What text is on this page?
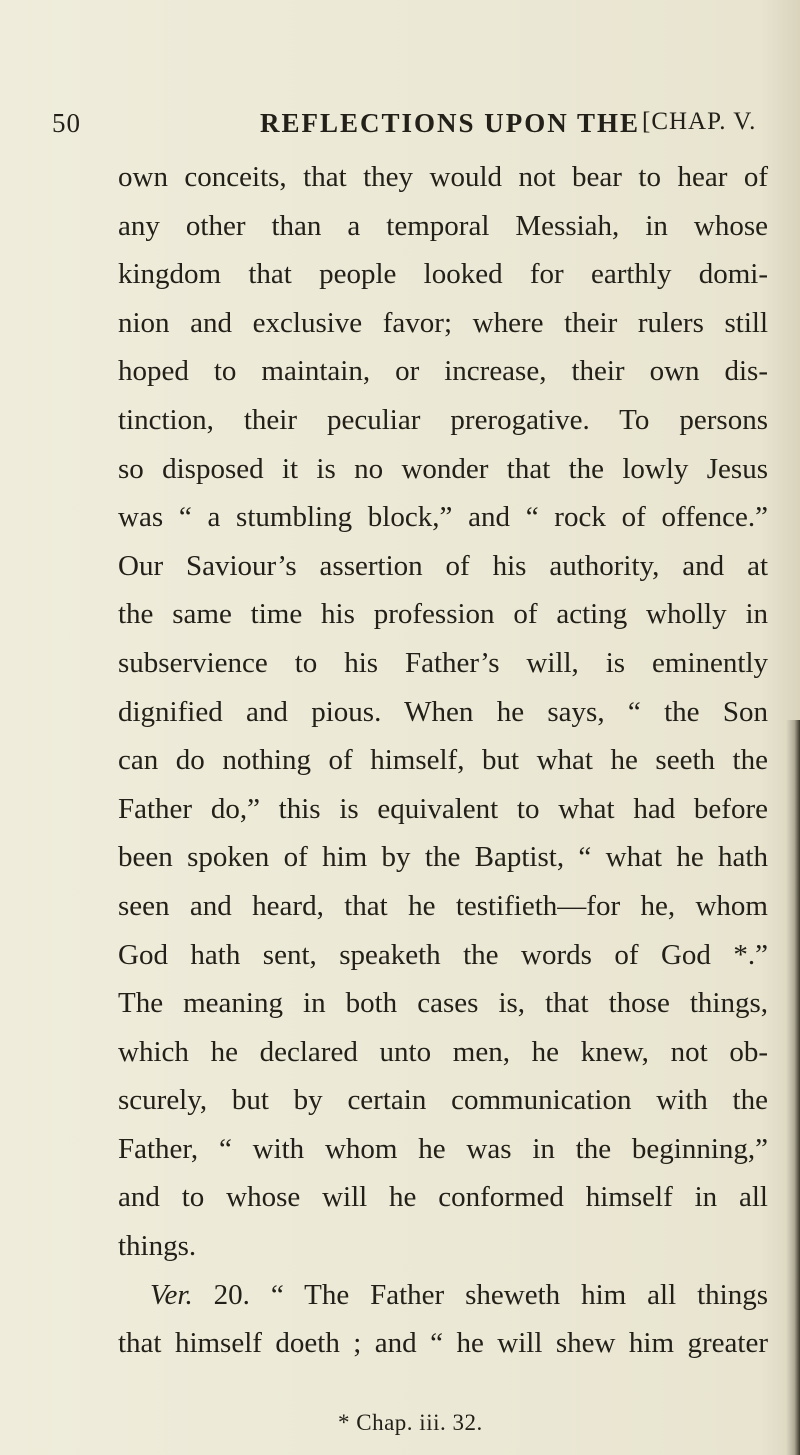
50	REFLECTIONS UPON THE [CHAP. V.
own conceits, that they would not bear to hear of
any other than a temporal Messiah, in whose
kingdom that people looked for earthly domi-
nion and exclusive favor; where their rulers still
hoped to maintain, or increase, their own dis-
tinction, their peculiar prerogative. To persons
so disposed it is no wonder that the lowly Jesus
was “ a stumbling block,” and “ rock of offence.”
Our Saviour’s assertion of his authority, and at
the same time his profession of acting wholly in
subservience to his Father’s will, is eminently
dignified and pious. When he says, “ the Son
can do nothing of himself, but what he seeth the
Father do,” this is equivalent to what had before
been spoken of him by the Baptist, “ what he hath
seen and heard, that he testifieth—for he, whom
God hath sent, speaketh the words of God *.”
The meaning in both cases is, that those things,
which he declared unto men, he knew, not ob-
scurely, but by certain communication with the
Father, “ with whom he was in the beginning,”
and to whose will he conformed himself in all
things.
Ver. 20. “ The Father sheweth him all things
that himself doeth ; and “ he will shew him greater
* Chap. iii. 32.
